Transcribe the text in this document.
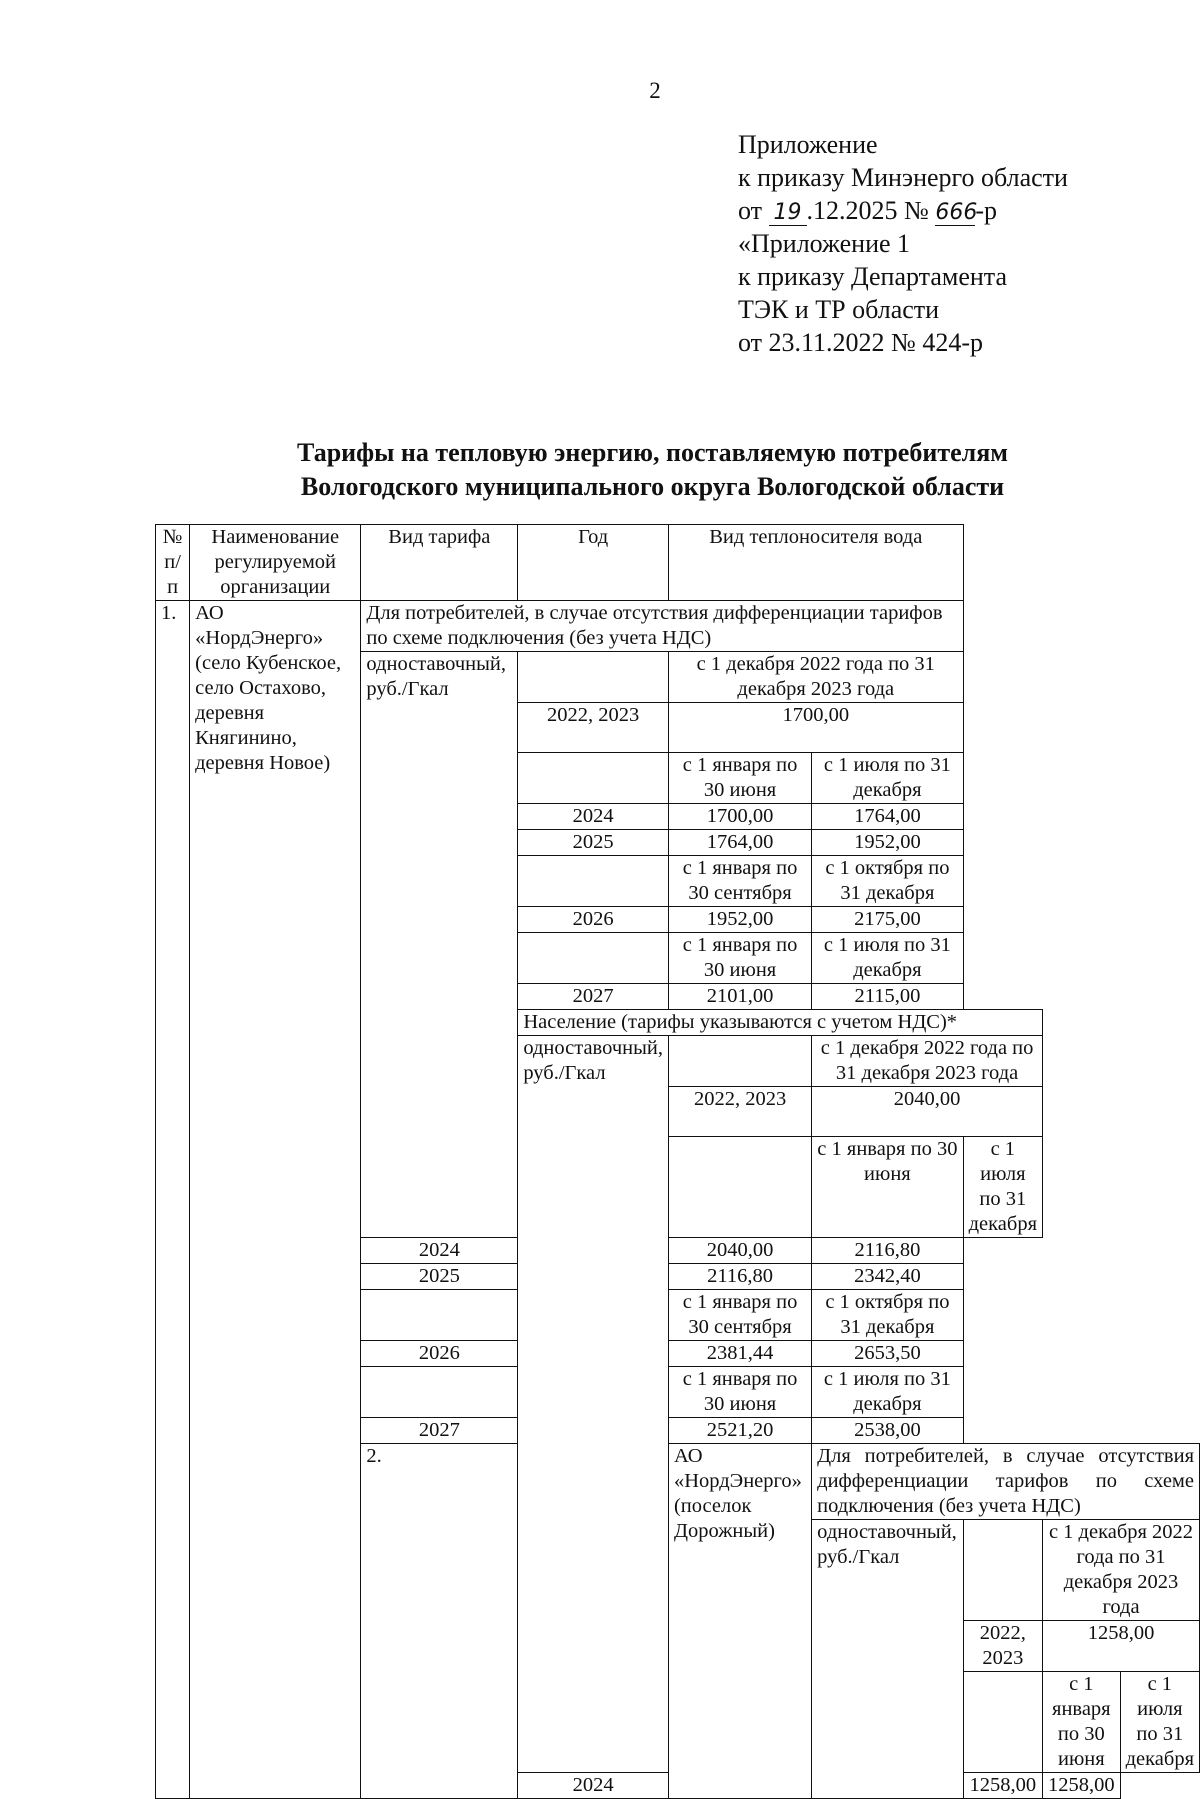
2
Приложение
к приказу Минэнерго области
от 19 .12.2025 № 666-р
«Приложение 1
к приказу Департамента
ТЭК и ТР области
от 23.11.2022 № 424-р
Тарифы на тепловую энергию, поставляемую потребителям
Вологодского муниципального округа Вологодской области
№ п/п	Наименование регулируемой организации	Вид тарифа	Год	Вид теплоносителя вода				
1.	АО «НордЭнерго» (село Кубенское, село Остахово, деревня Княгинино, деревня Новое)	Для потребителей, в случае отсутствия дифференциации тарифов по схеме подключения (без учета НДС)						
		одноставочный, руб./Гкал		с 1 декабря 2022 года по 31 декабря 2023 года				
			2022, 2023	1700,00				
				с 1 января по 30 июня	с 1 июля по 31 декабря			
			2024	1700,00	1764,00			
			2025	1764,00	1952,00			
				с 1 января по 30 сентября	с 1 октября по 31 декабря			
			2026	1952,00	2175,00			
				с 1 января по 30 июня	с 1 июля по 31 декабря			
			2027	2101,00	2115,00			
			Население (тарифы указываются с учетом НДС)*					
			одноставочный, руб./Гкал		с 1 декабря 2022 года по 31 декабря 2023 года			
				2022, 2023	2040,00			
					с 1 января по 30 июня	с 1 июля по 31 декабря		
		2024		2040,00	2116,80			
		2025		2116,80	2342,40			
				с 1 января по 30 сентября	с 1 октября по 31 декабря			
		2026		2381,44	2653,50			
				с 1 января по 30 июня	с 1 июля по 31 декабря			
		2027		2521,20	2538,00			
		2.		АО «НордЭнерго» (поселок Дорожный)	Для потребителей, в случае отсутствия дифференциации тарифов по схеме подключения (без учета НДС)			
					одноставочный, руб./Гкал		с 1 декабря 2022 года по 31 декабря 2023 года	
						2022, 2023	1258,00	
							с 1 января по 30 июня	с 1 июля по 31 декабря
			2024			1258,00	1258,00	
